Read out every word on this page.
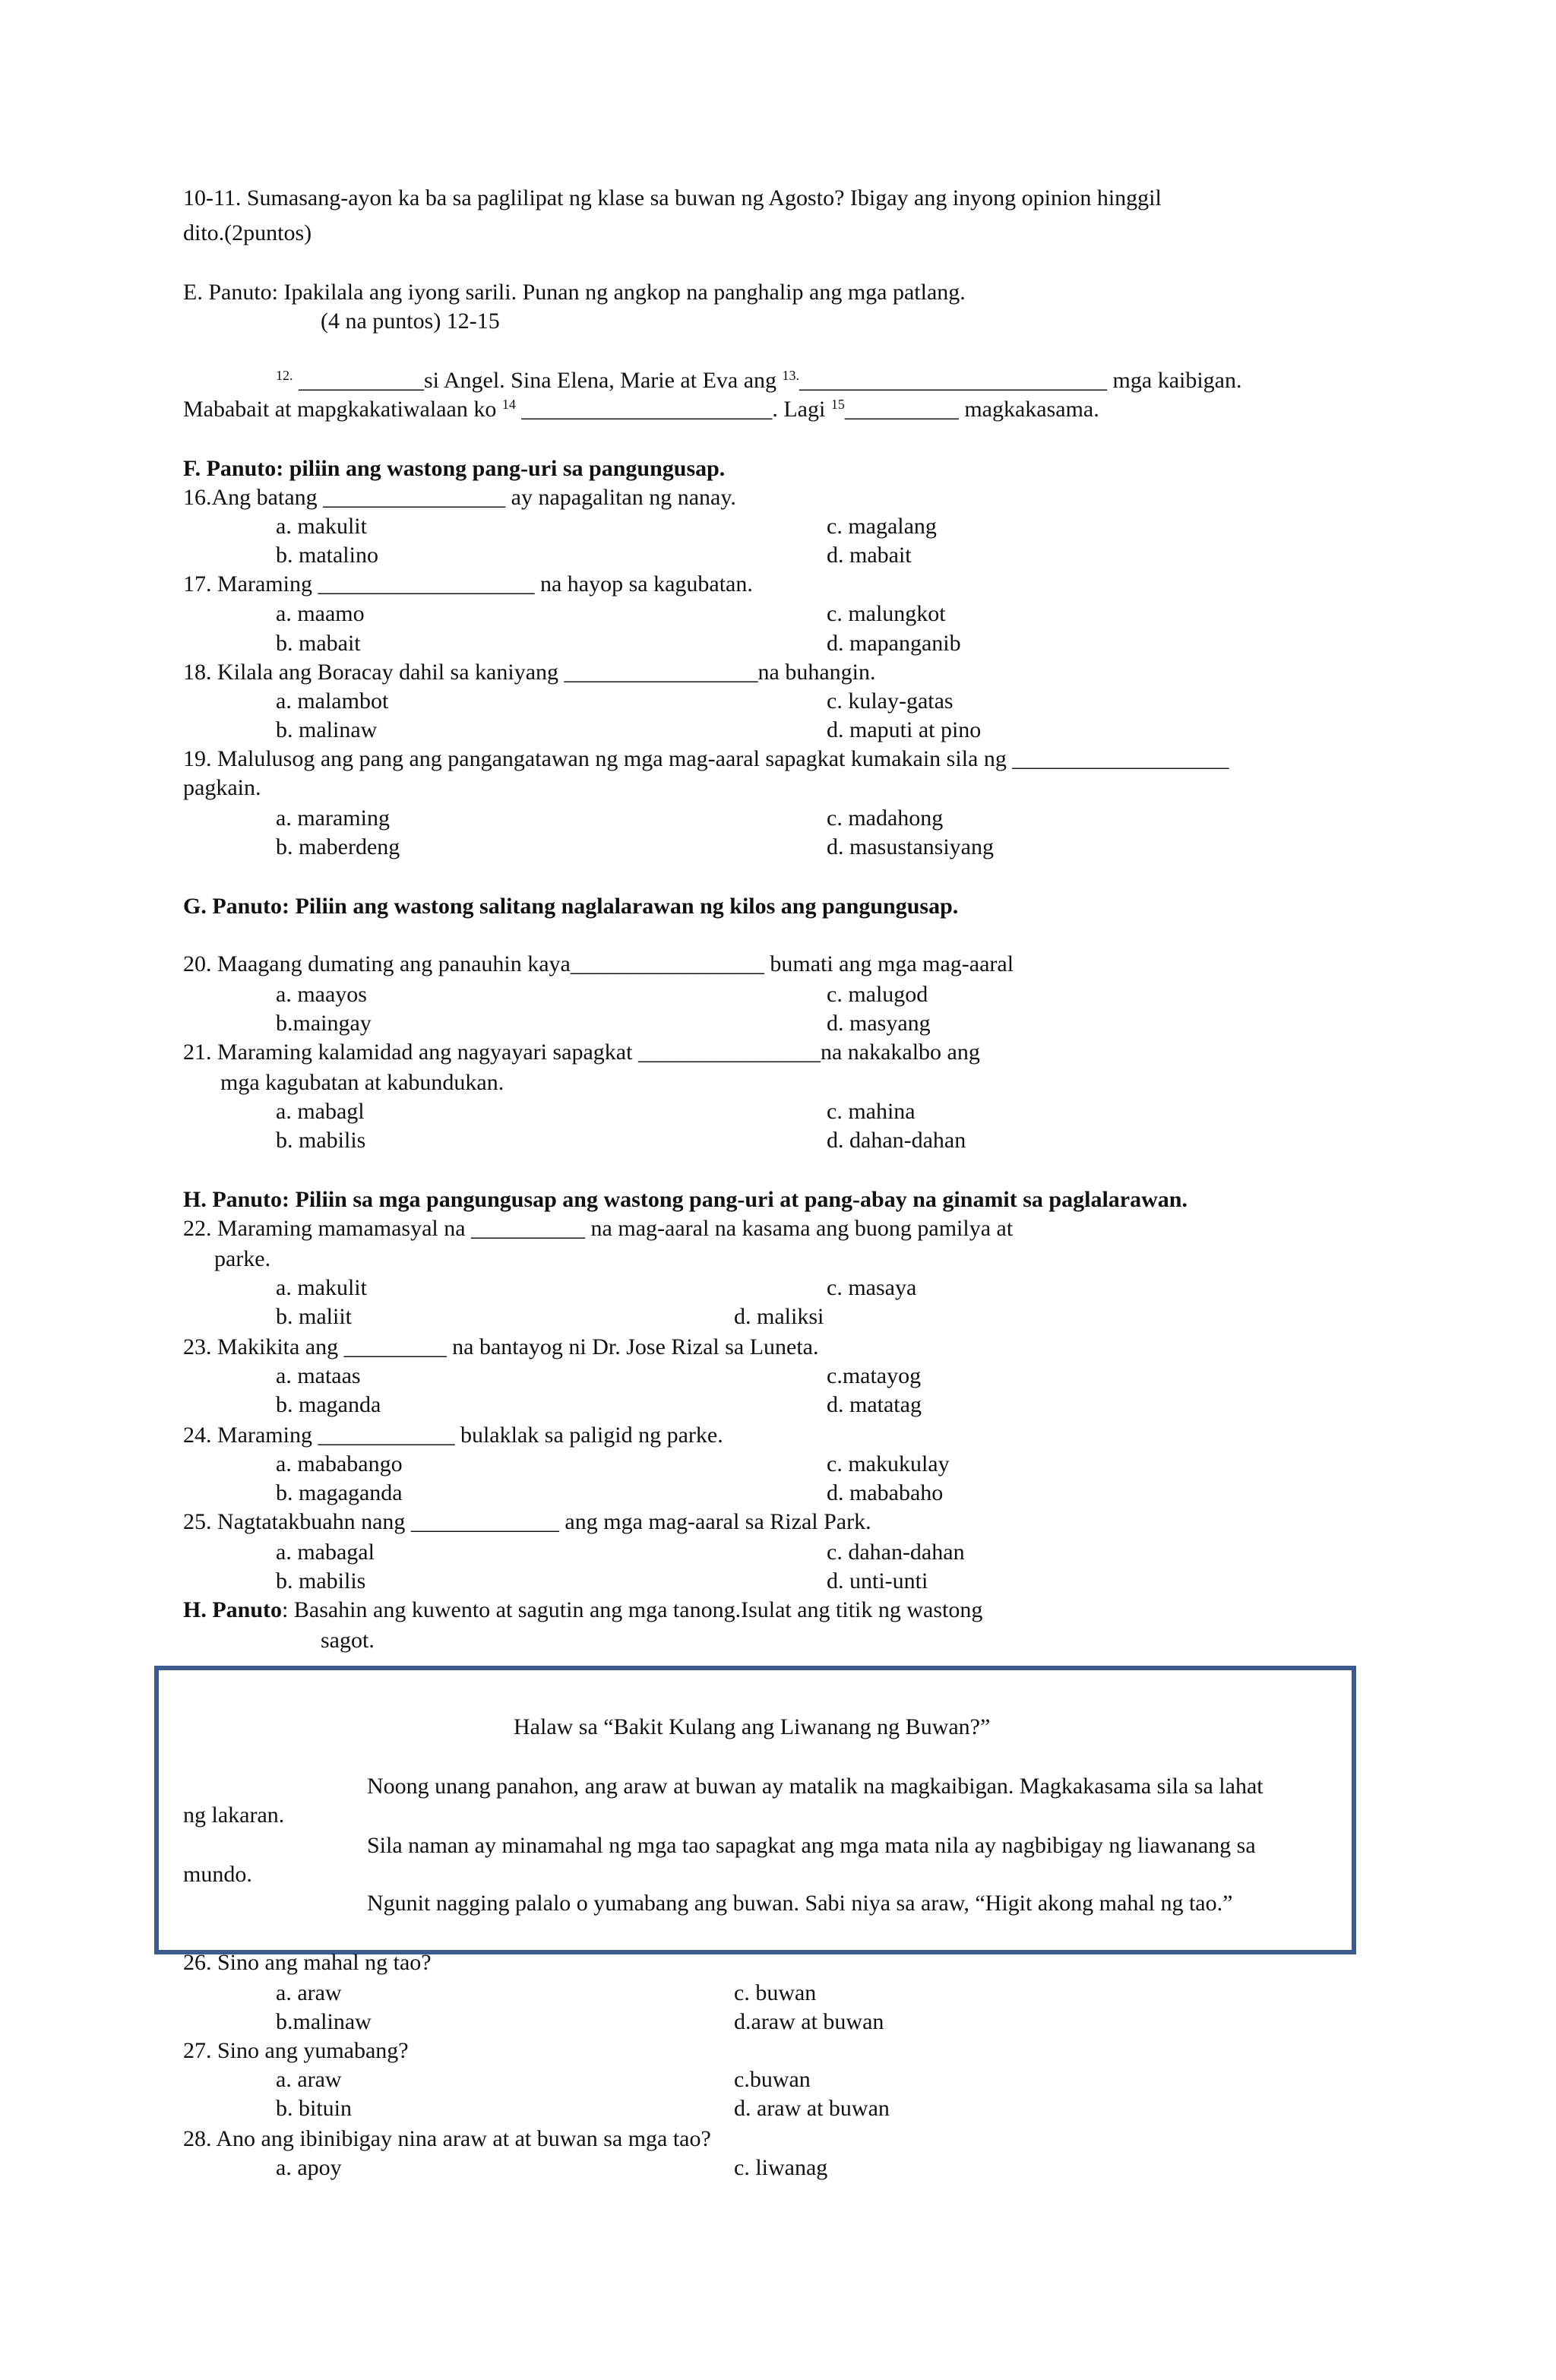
10-11. Sumasang-ayon ka ba sa paglilipat ng klase sa buwan ng Agosto? Ibigay ang inyong opinion hinggil
dito.(2puntos)
E. Panuto: Ipakilala ang iyong sarili. Punan ng angkop na panghalip ang mga patlang.
(4 na puntos) 12-15
$^{12.}$ ___________si Angel. Sina Elena, Marie at Eva ang $^{13.}$___________________________ mga kaibigan.
Mababait at mapgkakatiwalaan ko $^{14}$ ______________________. Lagi $^{15}$__________ magkakasama.
F. Panuto: piliin ang wastong pang-uri sa pangungusap.
16.Ang batang ________________ ay napagalitan ng nanay.
a. makulit	c. magalang
b. matalino	d. mabait
17. Maraming ___________________ na hayop sa kagubatan.
a. maamo	c. malungkot
b. mabait	d. mapanganib
18. Kilala ang Boracay dahil sa kaniyang _________________na buhangin.
a. malambot	c. kulay-gatas
b. malinaw	d. maputi at pino
19. Malulusog ang pang ang pangangatawan ng mga mag-aaral sapagkat kumakain sila ng ___________________
pagkain.
a. maraming	c. madahong
b. maberdeng	d. masustansiyang
G. Panuto: Piliin ang wastong salitang naglalarawan ng kilos ang pangungusap.
20. Maagang dumating ang panauhin kaya_________________ bumati ang mga mag-aaral
a. maayos	c. malugod
b.maingay	d. masyang
21. Maraming kalamidad ang nagyayari sapagkat ________________na nakakalbo ang
mga kagubatan at kabundukan.
a. mabagl	c. mahina
b. mabilis	d. dahan-dahan
H. Panuto: Piliin sa mga pangungusap ang wastong pang-uri at pang-abay na ginamit sa paglalarawan.
22. Maraming mamamasyal na __________ na mag-aaral na kasama ang buong pamilya at
parke.
a. makulit	c. masaya
b. maliit	d. maliksi
23. Makikita ang _________ na bantayog ni Dr. Jose Rizal sa Luneta.
a. mataas	c.matayog
b. maganda	d. matatag
24. Maraming ____________ bulaklak sa paligid ng parke.
a. mababango	c. makukulay
b. magaganda	d. mababaho
25. Nagtatakbuahn nang _____________ ang mga mag-aaral sa Rizal Park.
a. mabagal	c. dahan-dahan
b. mabilis	d. unti-unti
H. Panuto: Basahin ang kuwento at sagutin ang mga tanong.Isulat ang titik ng wastong
sagot.
Halaw sa “Bakit Kulang ang Liwanang ng Buwan?”
Noong unang panahon, ang araw at buwan ay matalik na magkaibigan. Magkakasama sila sa lahat
ng lakaran.
Sila naman ay minamahal ng mga tao sapagkat ang mga mata nila ay nagbibigay ng liawanang sa
mundo.
Ngunit nagging palalo o yumabang ang buwan. Sabi niya sa araw, “Higit akong mahal ng tao.”
26. Sino ang mahal ng tao?
a. araw	c. buwan
b.malinaw	d.araw at buwan
27. Sino ang yumabang?
a. araw	c.buwan
b. bituin	d. araw at buwan
28. Ano ang ibinibigay nina araw at at buwan sa mga tao?
a. apoy	c. liwanag
